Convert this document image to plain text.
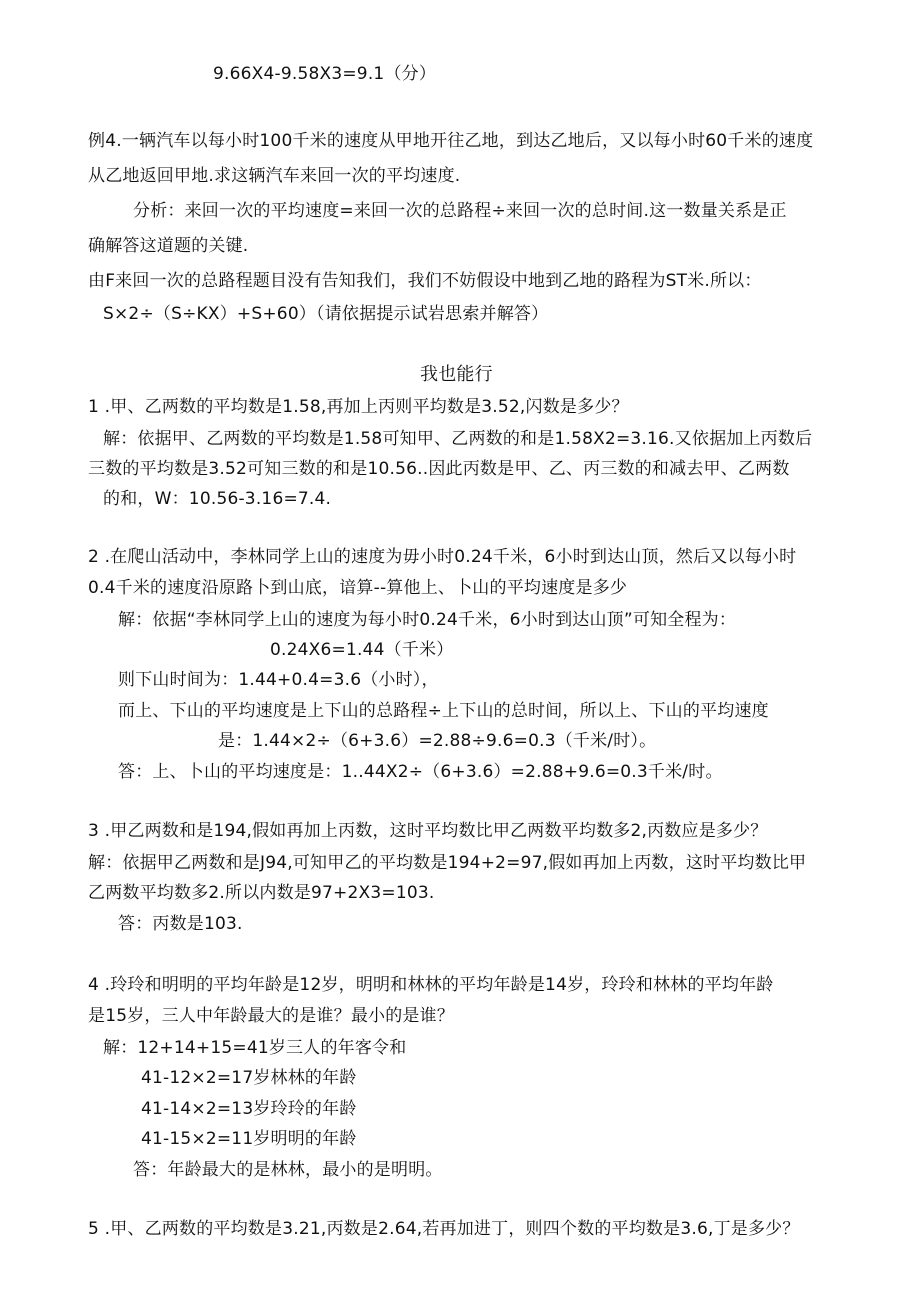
9.66X4-9.58X3=9.1（分）
例4.一辆汽车以每小时100千米的速度从甲地开往乙地，到达乙地后，又以每小时60千米的速度
从乙地返回甲地.求这辆汽车来回一次的平均速度.
分析：来回一次的平均速度=来回一次的总路程÷来回一次的总时间.这一数量关系是正
确解答这道题的关键.
由F来回一次的总路程题目没有告知我们，我们不妨假设中地到乙地的路程为ST米.所以：
S×2÷（S÷KX）+S+60）（请依据提示试岩思索并解答）
我也能行
1 .甲、乙两数的平均数是1.58,再加上丙则平均数是3.52,闪数是多少？
解：依据甲、乙两数的平均数是1.58可知甲、乙两数的和是1.58X2=3.16.又依据加上丙数后
三数的平均数是3.52可知三数的和是10.56..因此丙数是甲、乙、丙三数的和减去甲、乙两数
的和，W：10.56-3.16=7.4.
2 .在爬山活动中，李林同学上山的速度为毋小时0.24千米，6小时到达山顶，然后又以每小时
0.4千米的速度沿原路卜到山底，谙算--算他上、卜山的平均速度是多少
解：依据“李林同学上山的速度为每小时0.24千米，6小时到达山顶”可知全程为：
0.24X6=1.44（千米）
则下山时间为：1.44+0.4=3.6（小时），
而上、下山的平均速度是上下山的总路程÷上下山的总时间，所以上、下山的平均速度
是：1.44×2÷（6+3.6）=2.88÷9.6=0.3（千米/时）。
答：上、卜山的平均速度是：1..44X2÷（6+3.6）=2.88+9.6=0.3千米/时。
3 .甲乙两数和是194,假如再加上丙数，这时平均数比甲乙两数平均数多2,丙数应是多少？
解：依据甲乙两数和是J94,可知甲乙的平均数是194+2=97,假如再加上丙数，这时平均数比甲
乙两数平均数多2.所以内数是97+2X3=103.
答：丙数是103.
4 .玲玲和明明的平均年龄是12岁，明明和林林的平均年龄是14岁，玲玲和林林的平均年龄
是15岁，三人中年龄最大的是谁？最小的是谁？
解：12+14+15=41岁三人的年客令和
41-12×2=17岁林林的年龄
41-14×2=13岁玲玲的年龄
41-15×2=11岁明明的年龄
答：年龄最大的是林林，最小的是明明。
5 .甲、乙两数的平均数是3.21,丙数是2.64,若再加进丁，则四个数的平均数是3.6,丁是多少？
